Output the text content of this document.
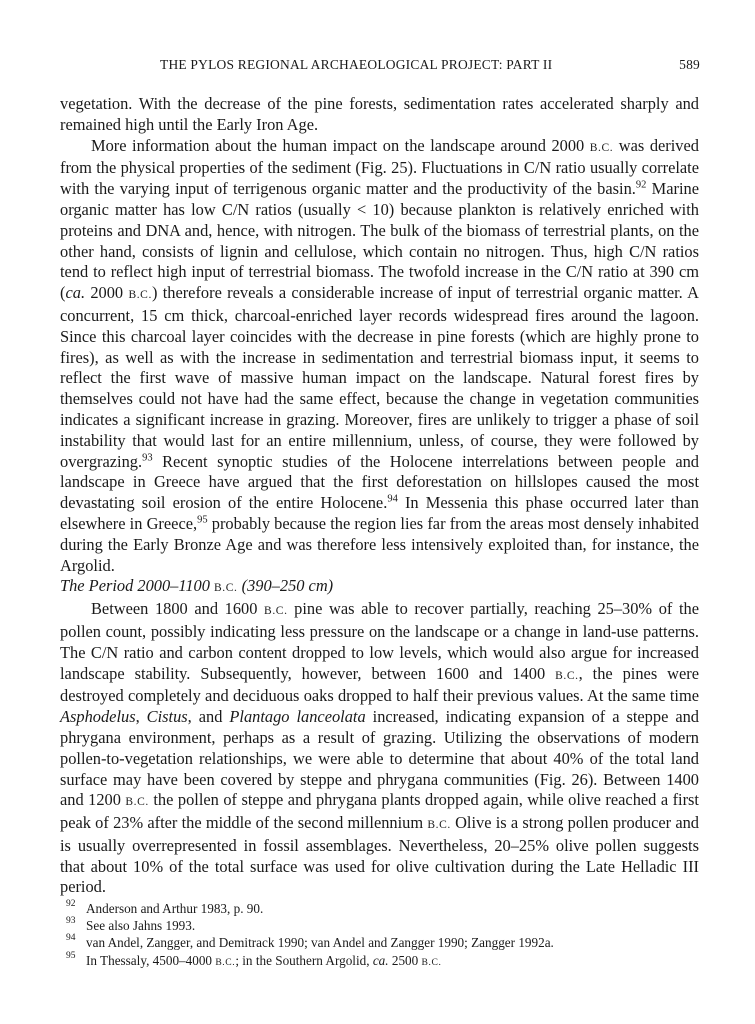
THE PYLOS REGIONAL ARCHAEOLOGICAL PROJECT: PART II	589

vegetation. With the decrease of the pine forests, sedimentation rates accelerated sharply and remained high until the Early Iron Age.

More information about the human impact on the landscape around 2000 B.C. was derived from the physical properties of the sediment (Fig. 25). Fluctuations in C/N ratio usually correlate with the varying input of terrigenous organic matter and the productivity of the basin.$^{92}$ Marine organic matter has low C/N ratios (usually < 10) because plankton is relatively enriched with proteins and DNA and, hence, with nitrogen. The bulk of the biomass of terrestrial plants, on the other hand, consists of lignin and cellulose, which contain no nitrogen. Thus, high C/N ratios tend to reflect high input of terrestrial biomass. The twofold increase in the C/N ratio at 390 cm (ca. 2000 B.C.) therefore reveals a considerable increase of input of terrestrial organic matter. A concurrent, 15 cm thick, charcoal-enriched layer records widespread fires around the lagoon. Since this charcoal layer coincides with the decrease in pine forests (which are highly prone to fires), as well as with the increase in sedimentation and terrestrial biomass input, it seems to reflect the first wave of massive human impact on the landscape. Natural forest fires by themselves could not have had the same effect, because the change in vegetation communities indicates a significant increase in grazing. Moreover, fires are unlikely to trigger a phase of soil instability that would last for an entire millennium, unless, of course, they were followed by overgrazing.$^{93}$ Recent synoptic studies of the Holocene interrelations between people and landscape in Greece have argued that the first deforestation on hillslopes caused the most devastating soil erosion of the entire Holocene.$^{94}$ In Messenia this phase occurred later than elsewhere in Greece,$^{95}$ probably because the region lies far from the areas most densely inhabited during the Early Bronze Age and was therefore less intensively exploited than, for instance, the Argolid.

The Period 2000–1100 B.C. (390–250 cm)

Between 1800 and 1600 B.C. pine was able to recover partially, reaching 25–30% of the pollen count, possibly indicating less pressure on the landscape or a change in land-use patterns. The C/N ratio and carbon content dropped to low levels, which would also argue for increased landscape stability. Subsequently, however, between 1600 and 1400 B.C., the pines were destroyed completely and deciduous oaks dropped to half their previous values. At the same time Asphodelus, Cistus, and Plantago lanceolata increased, indicating expansion of a steppe and phrygana environment, perhaps as a result of grazing. Utilizing the observations of modern pollen-to-vegetation relationships, we were able to determine that about 40% of the total land surface may have been covered by steppe and phrygana communities (Fig. 26). Between 1400 and 1200 B.C. the pollen of steppe and phrygana plants dropped again, while olive reached a first peak of 23% after the middle of the second millennium B.C. Olive is a strong pollen producer and is usually overrepresented in fossil assemblages. Nevertheless, 20–25% olive pollen suggests that about 10% of the total surface was used for olive cultivation during the Late Helladic III period.

92 Anderson and Arthur 1983, p. 90.
93 See also Jahns 1993.
94 van Andel, Zangger, and Demitrack 1990; van Andel and Zangger 1990; Zangger 1992a.
95 In Thessaly, 4500–4000 B.C.; in the Southern Argolid, ca. 2500 B.C.
